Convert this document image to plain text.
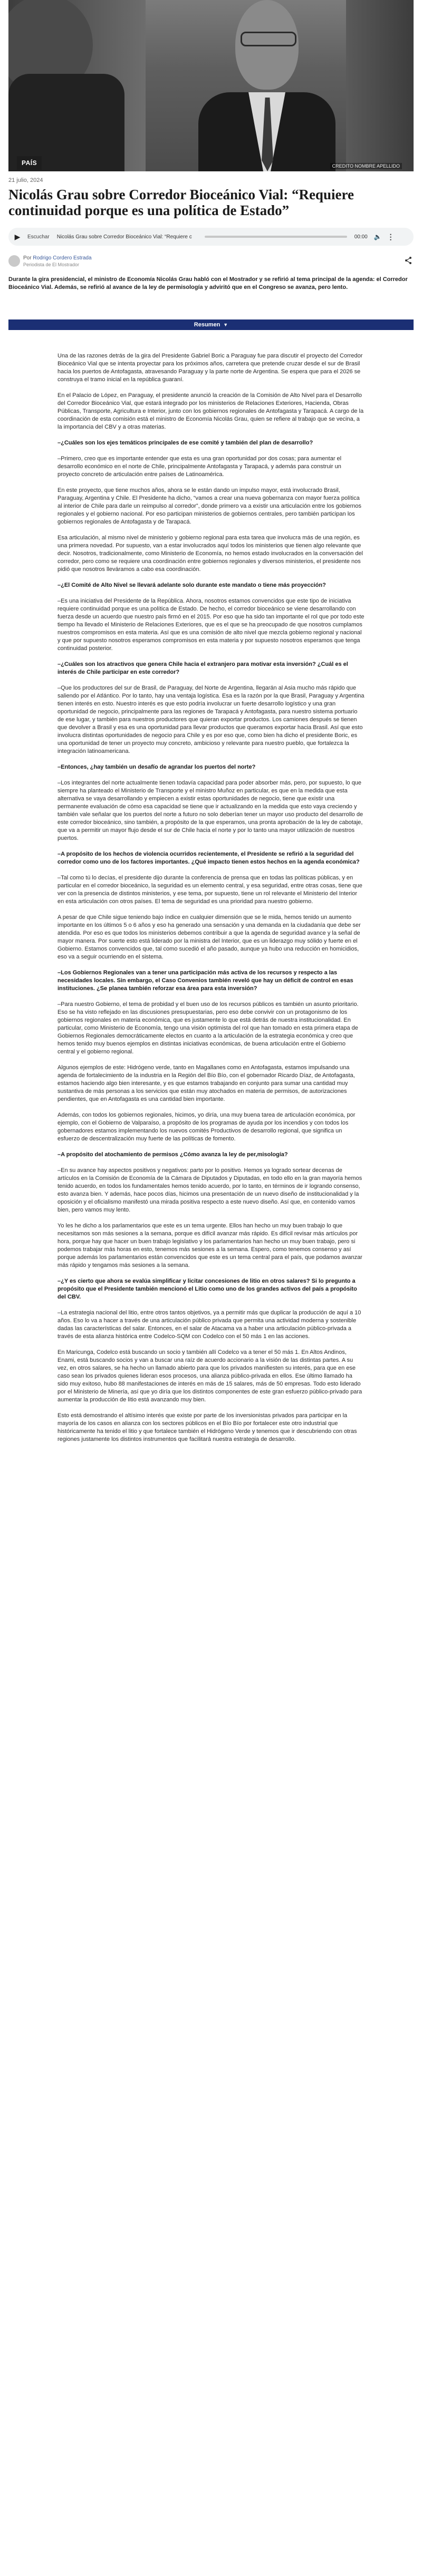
PAÍS	CREDITO NOMBRE APELLIDO
21 julio, 2024
Nicolás Grau sobre Corredor Bioceánico Vial: “Requiere continuidad porque es una política de Estado”
▶	Escuchar Nicolás Grau sobre Corredor Bioceánico Vial: “Requiere c	00:00 🔈 ⋮
Por Rodrigo Cordero Estrada
Periodista de El Mostrador

Durante la gira presidencial, el ministro de Economía Nicolás Grau habló con el Mostrador y se refirió al tema principal de la agenda: el Corredor Bioceánico Vial. Además, se refirió al avance de la ley de permisología y adviritó que en el Congreso se avanza, pero lento.

Resumen ▼

Una de las razones detrás de la gira del Presidente Gabriel Boric a Paraguay fue para discutir el proyecto del Corredor Bioceánico Vial que se intenta proyectar para los próximos años, carretera que pretende cruzar desde el sur de Brasil hacia los puertos de Antofagasta, atravesando Paraguay y la parte norte de Argentina. Se espera que para el 2026 se construya el tramo inicial en la república guaraní.

En el Palacio de López, en Paraguay, el presidente anunció la creación de la Comisión de Alto Nivel para el Desarrollo del Corredor Bioceánico Vial, que estará integrado por los ministerios de Relaciones Exteriores, Hacienda, Obras Públicas, Transporte, Agricultura e Interior, junto con los gobiernos regionales de Antofagasta y Tarapacá. A cargo de la coordinación de esta comisión está el ministro de Economía Nicolás Grau, quien se refiere al trabajo que se vecina, a la importancia del CBV y a otras materias.

–¿Cuáles son los ejes temáticos principales de ese comité y también del plan de desarrollo?

–Primero, creo que es importante entender que esta es una gran oportunidad por dos cosas; para aumentar el desarrollo económico en el norte de Chile, principalmente Antofagasta y Tarapacá, y además para construir un proyecto concreto de articulación entre países de Latinoamérica.

En este proyecto, que tiene muchos años, ahora se le están dando un impulso mayor, está involucrado Brasil, Paraguay, Argentina y Chile. El Presidente ha dicho, “vamos a crear una nueva gobernanza con mayor fuerza política al interior de Chile para darle un reimpulso al corredor”, donde primero va a existir una articulación entre los gobiernos regionales y el gobierno nacional. Por eso participan ministerios de gobiernos centrales, pero también participan los gobiernos regionales de Antofagasta y de Tarapacá.

Esa articulación, al mismo nivel de ministerio y gobierno regional para esta tarea que involucra más de una región, es una primera novedad. Por supuesto, van a estar involucrados aquí todos los ministerios que tienen algo relevante que decir. Nosotros, tradicionalmente, como Ministerio de Economía, no hemos estado involucrados en la conversación del corredor, pero como se requiere una coordinación entre gobiernos regionales y diversos ministerios, el presidente nos pidió que nosotros lleváramos a cabo esa coordinación.

–¿El Comité de Alto Nivel se llevará adelante solo durante este mandato o tiene más proyección?

–Es una iniciativa del Presidente de la República. Ahora, nosotros estamos convencidos que este tipo de iniciativa requiere continuidad porque es una política de Estado. De hecho, el corredor bioceánico se viene desarrollando con fuerza desde un acuerdo que nuestro país firmó en el 2015. Por eso que ha sido tan importante el rol que por todo este tiempo ha llevado el Ministerio de Relaciones Exteriores, que es el que se ha preocupado de que nosotros cumplamos nuestros compromisos en esta materia. Así que es una comisión de alto nivel que mezcla gobierno regional y nacional y que por supuesto nosotros esperamos compromisos en esta materia y por supuesto nosotros esperamos que tenga continuidad posterior.

–¿Cuáles son los atractivos que genera Chile hacia el extranjero para motivar esta inversión? ¿Cuál es el interés de Chile participar en este corredor?

–Que los productores del sur de Brasil, de Paraguay, del Norte de Argentina, llegarán al Asia mucho más rápido que saliendo por el Atlántico. Por lo tanto, hay una ventaja logística. Esa es la razón por la que Brasil, Paraguay y Argentina tienen interés en esto. Nuestro interés es que esto podría involucrar un fuerte desarrollo logístico y una gran oportunidad de negocio, principalmente para las regiones de Tarapacá y Antofagasta, para nuestro sistema portuario de ese lugar, y también para nuestros productores que quieran exportar productos. Los camiones después se tienen que devolver a Brasil y esa es una oportunidad para llevar productos que queramos exportar hacia Brasil. Así que esto involucra distintas oportunidades de negocio para Chile y es por eso que, como bien ha dicho el presidente Boric, es una oportunidad de tener un proyecto muy concreto, ambicioso y relevante para nuestro pueblo, que fortalezca la integración latinoamericana.

–Entonces, ¿hay también un desafío de agrandar los puertos del norte?

–Los integrantes del norte actualmente tienen todavía capacidad para poder absorber más, pero, por supuesto, lo que siempre ha planteado el Ministerio de Transporte y el ministro Muñoz en particular, es que en la medida que esta alternativa se vaya desarrollando y empiecen a existir estas oportunidades de negocio, tiene que existir una permanente evaluación de cómo esa capacidad se tiene que ir actualizando en la medida que esto vaya creciendo y también vale señalar que los puertos del norte a futuro no solo deberían tener un mayor uso producto del desarrollo de este corredor bioceánico, sino también, a propósito de la que esperamos, una pronta aprobación de la ley de cabotaje, que va a permitir un mayor flujo desde el sur de Chile hacia el norte y por lo tanto una mayor utilización de nuestros puertos.

–A propósito de los hechos de violencia ocurridos recientemente, el Presidente se refirió a la seguridad del corredor como uno de los factores importantes. ¿Qué impacto tienen estos hechos en la agenda económica?

–Tal como tú lo decías, el presidente dijo durante la conferencia de prensa que en todas las políticas públicas, y en particular en el corredor bioceánico, la seguridad es un elemento central, y esa seguridad, entre otras cosas, tiene que ver con la presencia de distintos ministerios, y ese tema, por supuesto, tiene un rol relevante el Ministerio del Interior en esta articulación con otros países. El tema de seguridad es una prioridad para nuestro gobierno.

A pesar de que Chile sigue teniendo bajo índice en cualquier dimensión que se le mida, hemos tenido un aumento importante en los últimos 5 o 6 años y eso ha generado una sensación y una demanda en la ciudadanía que debe ser atendida. Por eso es que todos los ministerios debemos contribuir a que la agenda de seguridad avance y la señal de mayor manera. Por suerte esto está liderado por la ministra del Interior, que es un liderazgo muy sólido y fuerte en el Gobierno. Estamos convencidos que, tal como sucedió el año pasado, aunque ya hubo una reducción en homicidios, eso va a seguir ocurriendo en el sistema.

–Los Gobiernos Regionales van a tener una participación más activa de los recursos y respecto a las necesidades locales. Sin embargo, el Caso Convenios también reveló que hay un déficit de control en esas instituciones. ¿Se planea también reforzar esa área para esta inversión?

–Para nuestro Gobierno, el tema de probidad y el buen uso de los recursos públicos es también un asunto prioritario. Eso se ha visto reflejado en las discusiones presupuestarias, pero eso debe convivir con un protagonismo de los gobiernos regionales en materia económica, que es justamente lo que está detrás de nuestra institucionalidad. En particular, como Ministerio de Economía, tengo una visión optimista del rol que han tomado en esta primera etapa de Gobiernos Regionales democráticamente electos en cuanto a la articulación de la estrategia económica y creo que hemos tenido muy buenos ejemplos en distintas iniciativas económicas, de buena articulación entre el Gobierno central y el gobierno regional.

Algunos ejemplos de este: Hidrógeno verde, tanto en Magallanes como en Antofagasta, estamos impulsando una agenda de fortalecimiento de la industria en la Región del Bío Bío, con el gobernador Ricardo Díaz, de Antofagasta, estamos haciendo algo bien interesante, y es que estamos trabajando en conjunto para sumar una cantidad muy sustantiva de más personas a los servicios que están muy atochados en materia de permisos, de autorizaciones pendientes, que en Antofagasta es una cantidad bien importante.

Además, con todos los gobiernos regionales, hicimos, yo diría, una muy buena tarea de articulación económica, por ejemplo, con el Gobierno de Valparaíso, a propósito de los programas de ayuda por los incendios y con todos los gobernadores estamos implementando los nuevos comités Productivos de desarrollo regional, que significa un esfuerzo de descentralización muy fuerte de las políticas de fomento.

–A propósito del atochamiento de permisos ¿Cómo avanza la ley de per,misología?

–En su avance hay aspectos positivos y negativos: parto por lo positivo. Hemos ya logrado sortear decenas de artículos en la Comisión de Economía de la Cámara de Diputados y Diputadas, en todo ello en la gran mayoría hemos tenido acuerdo, en todos los fundamentales hemos tenido acuerdo, por lo tanto, en términos de ir logrando consenso, esto avanza bien. Y además, hace pocos días, hicimos una presentación de un nuevo diseño de institucionalidad y la oposición y el oficialismo manifestó una mirada positiva respecto a este nuevo diseño. Así que, en contenido vamos bien, pero vamos muy lento.

Yo les he dicho a los parlamentarios que este es un tema urgente. Ellos han hecho un muy buen trabajo lo que necesitamos son más sesiones a la semana, porque es difícil avanzar más rápido. Es difícil revisar más artículos por hora, porque hay que hacer un buen trabajo legislativo y los parlamentarios han hecho un muy buen trabajo, pero si podemos trabajar más horas en esto, tenemos más sesiones a la semana. Espero, como tenemos consenso y así porque además los parlamentarios están convencidos que este es un tema central para el país, que podamos avanzar más rápido y tengamos más sesiones a la semana.

–¿Y es cierto que ahora se evalúa simplificar y licitar concesiones de litio en otros salares? Si lo pregunto a propósito que el Presidente también mencionó el Litio como uno de los grandes activos del país a propósito del CBV.

–La estrategia nacional del litio, entre otros tantos objetivos, ya a permitir más que duplicar la producción de aquí a 10 años. Eso lo va a hacer a través de una articulación público privada que permita una actividad moderna y sostenible dadas las características del salar. Entonces, en el salar de Atacama va a haber una articulación público-privada a través de esta alianza histórica entre Codelco-SQM con Codelco con el 50 más 1 en las acciones.

En Maricunga, Codelco está buscando un socio y también allí Codelco va a tener el 50 más 1. En Altos Andinos, Enami, está buscando socios y van a buscar una raíz de acuerdo accionario a la visión de las distintas partes. A su vez, en otros salares, se ha hecho un llamado abierto para que los privados manifiesten su interés, para que en ese caso sean los privados quienes lideran esos procesos, una alianza público-privada en ellos. Ese último llamado ha sido muy exitoso, hubo 88 manifestaciones de interés en más de 15 salares, más de 50 empresas. Todo esto liderado por el Ministerio de Minería, así que yo diría que los distintos componentes de este gran esfuerzo público-privado para aumentar la producción de litio está avanzando muy bien.

Esto está demostrando el altísimo interés que existe por parte de los inversionistas privados para participar en la mayoría de los casos en alianza con los sectores públicos en el Bío Bío por fortalecer este otro industrial que históricamente ha tenido el litio y que fortalece también el Hidrógeno Verde y tenemos que ir descubriendo con otras regiones justamente los distintos instrumentos que facilitará nuestra estrategia de desarrollo.
